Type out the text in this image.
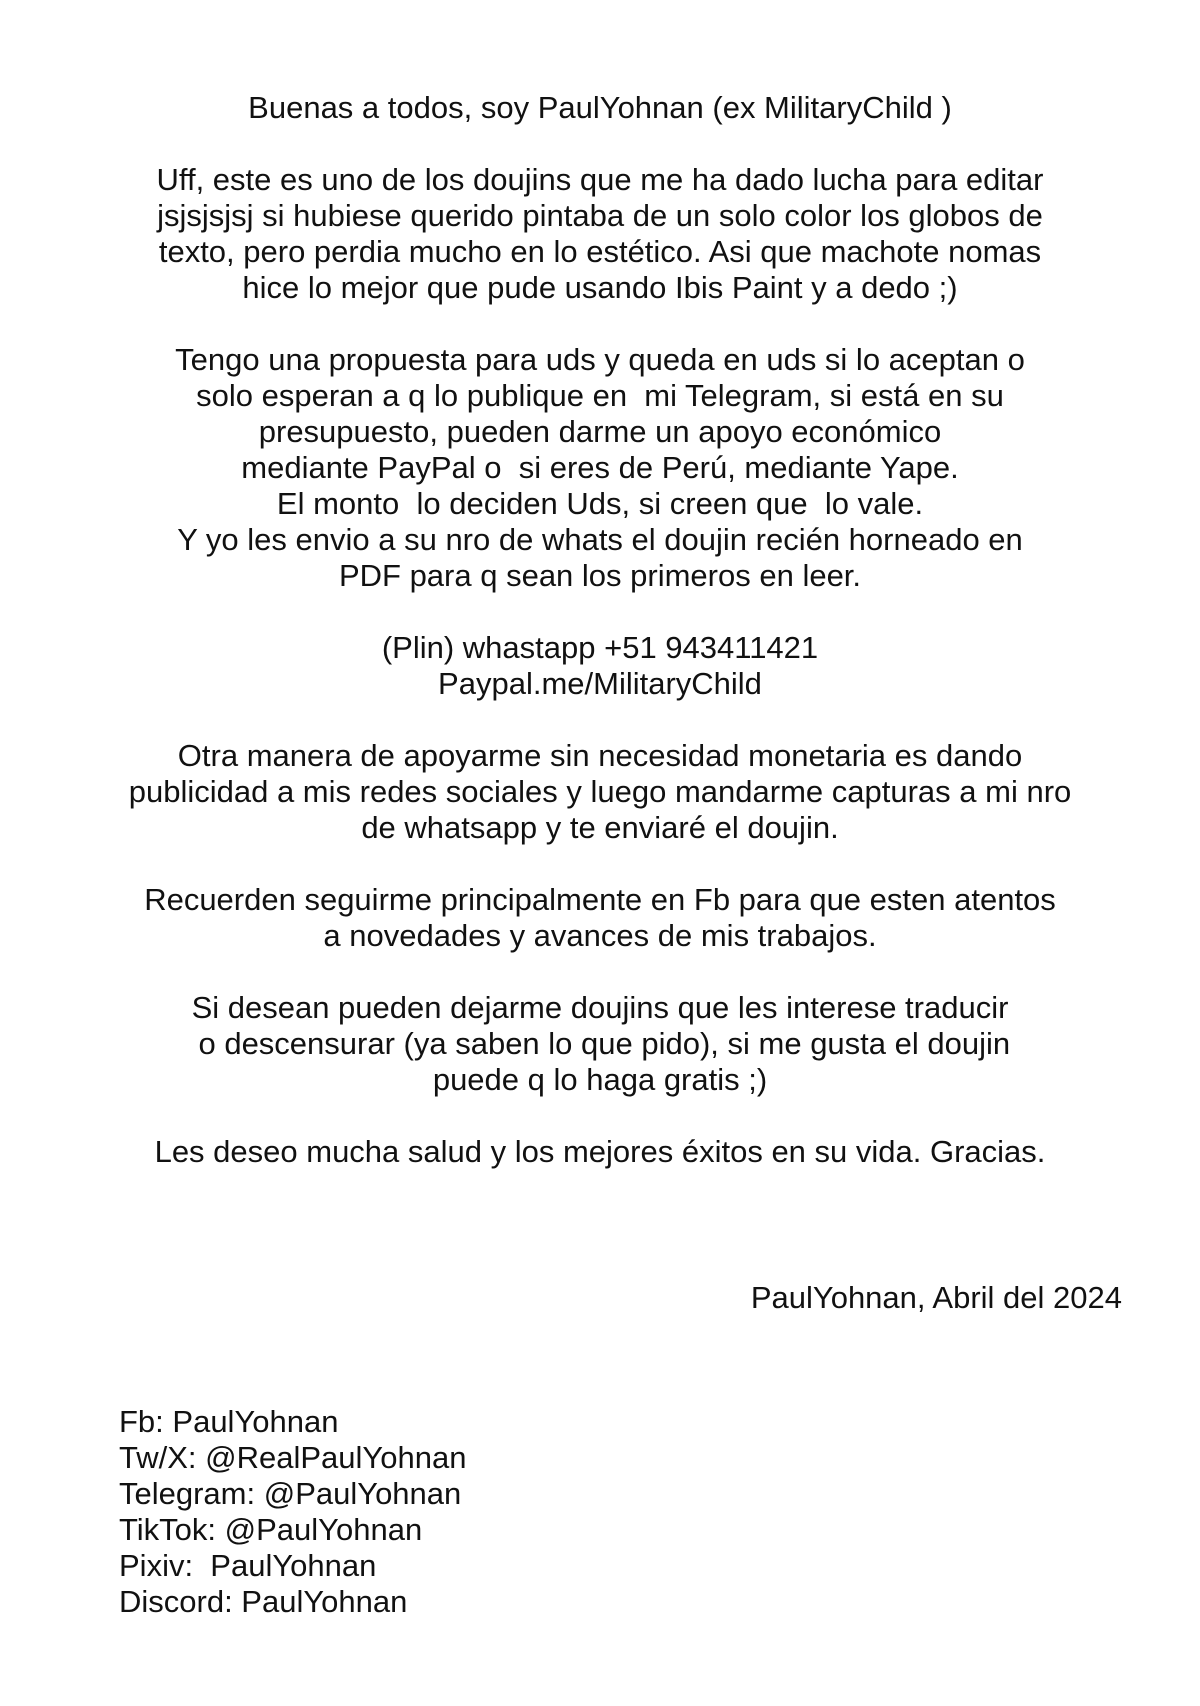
Buenas a todos, soy PaulYohnan (ex MilitaryChild )

Uff, este es uno de los doujins que me ha dado lucha para editar
jsjsjsjsj si hubiese querido pintaba de un solo color los globos de
texto, pero perdia mucho en lo estético. Asi que machote nomas
hice lo mejor que pude usando Ibis Paint y a dedo ;)

Tengo una propuesta para uds y queda en uds si lo aceptan o
solo esperan a q lo publique en  mi Telegram, si está en su
presupuesto, pueden darme un apoyo económico
mediante PayPal o  si eres de Perú, mediante Yape.
El monto  lo deciden Uds, si creen que  lo vale.
Y yo les envio a su nro de whats el doujin recién horneado en
PDF para q sean los primeros en leer.

(Plin) whastapp +51 943411421
Paypal.me/MilitaryChild

Otra manera de apoyarme sin necesidad monetaria es dando
publicidad a mis redes sociales y luego mandarme capturas a mi nro
de whatsapp y te enviaré el doujin.

Recuerden seguirme principalmente en Fb para que esten atentos
a novedades y avances de mis trabajos.

Si desean pueden dejarme doujins que les interese traducir
o descensurar (ya saben lo que pido), si me gusta el doujin
puede q lo haga gratis ;)

Les deseo mucha salud y los mejores éxitos en su vida. Gracias.

PaulYohnan, Abril del 2024
Fb: PaulYohnan
Tw/X: @RealPaulYohnan
Telegram: @PaulYohnan
TikTok: @PaulYohnan
Pixiv:  PaulYohnan
Discord: PaulYohnan
